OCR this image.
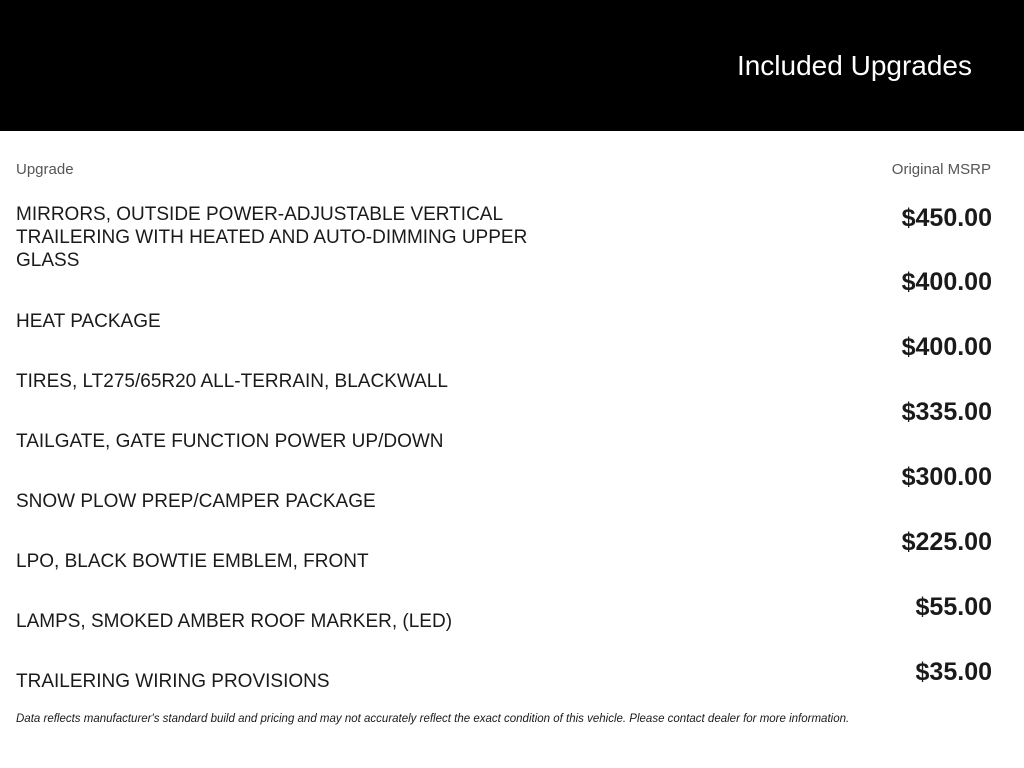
Included Upgrades
Upgrade	Original MSRP
MIRRORS, OUTSIDE POWER-ADJUSTABLE VERTICAL TRAILERING WITH HEATED AND AUTO-DIMMING UPPER GLASS
$450.00
HEAT PACKAGE
$400.00
TIRES, LT275/65R20 ALL-TERRAIN, BLACKWALL
$400.00
TAILGATE, GATE FUNCTION POWER UP/DOWN
$335.00
SNOW PLOW PREP/CAMPER PACKAGE
$300.00
LPO, BLACK BOWTIE EMBLEM, FRONT
$225.00
LAMPS, SMOKED AMBER ROOF MARKER, (LED)
$55.00
TRAILERING WIRING PROVISIONS	$35.00
Data reflects manufacturer's standard build and pricing and may not accurately reflect the exact condition of this vehicle. Please contact dealer for more information.
